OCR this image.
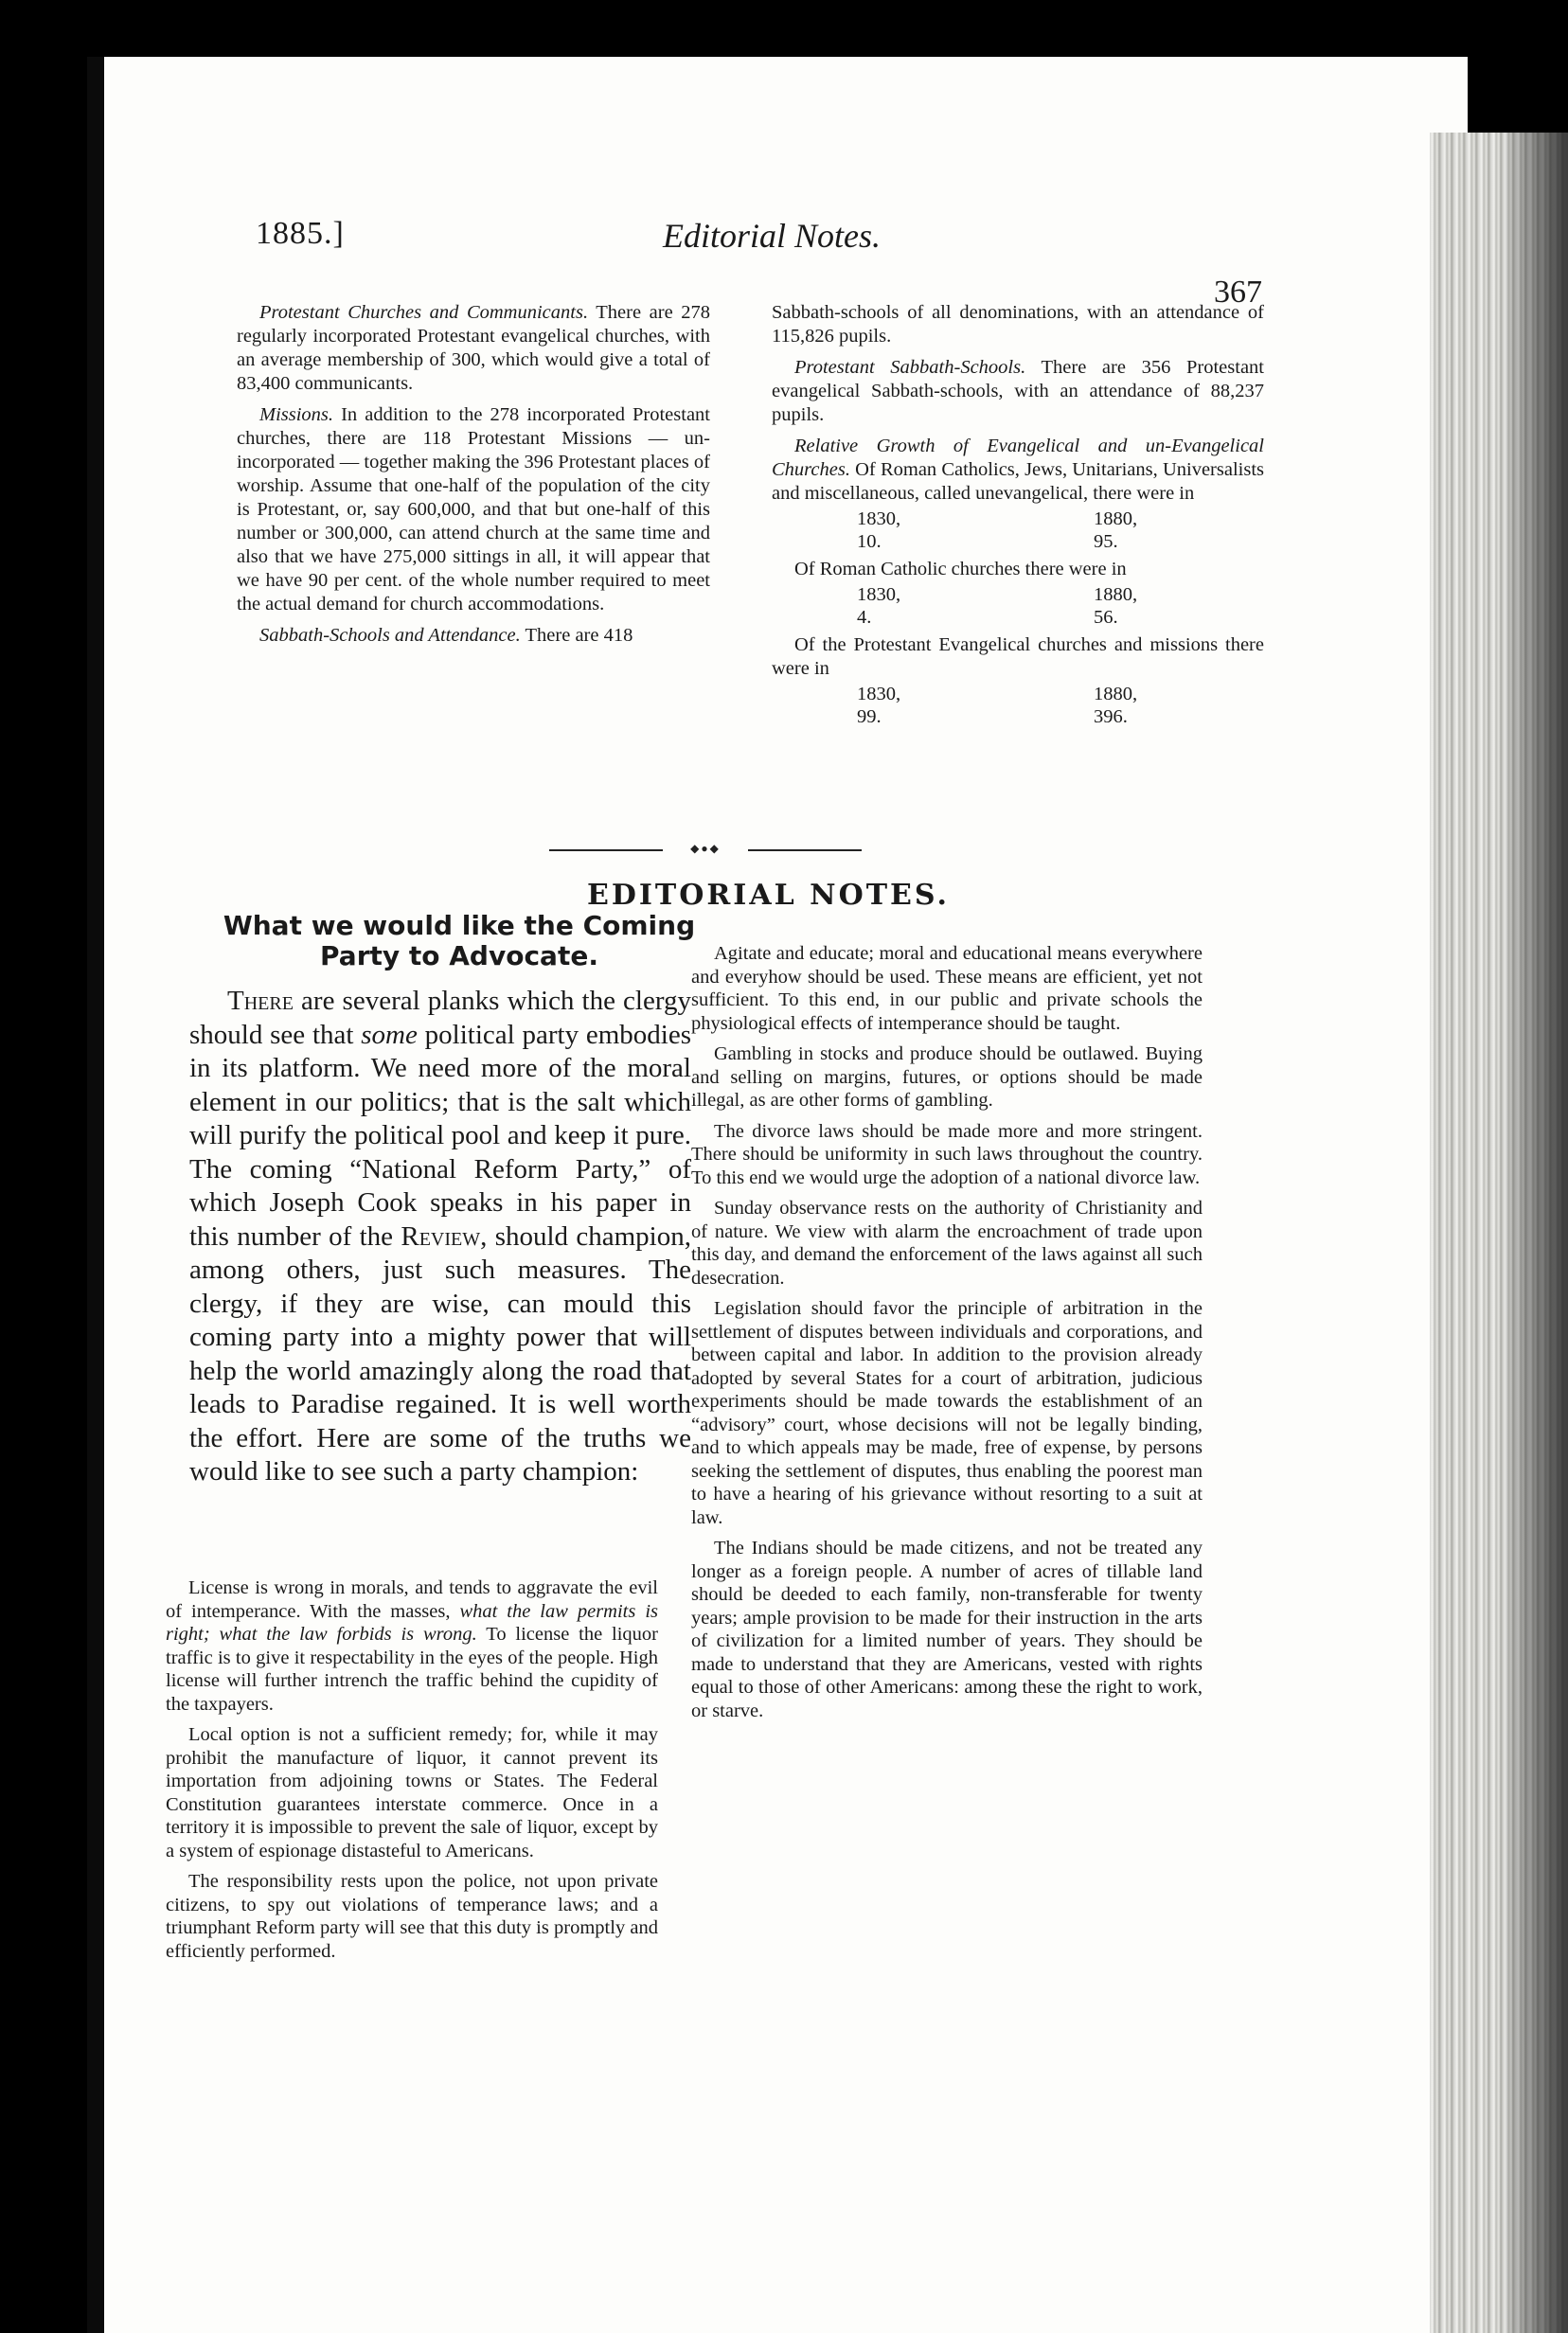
1885.]	Editorial Notes.
367

Protestant Churches and Communicants. There are 278 regularly incorporated Protestant evangelical churches, with an average membership of 300, which would give a total of 83,400 communicants.

Missions. In addition to the 278 incorporated Protestant churches, there are 118 Protestant Missions — un-incorporated — together making the 396 Protestant places of worship. Assume that one-half of the population of the city is Protestant, or, say 600,000, and that but one-half of this number or 300,000, can attend church at the same time and also that we have 275,000 sittings in all, it will appear that we have 90 per cent. of the whole number required to meet the actual demand for church accommodations.

Sabbath-Schools and Attendance. There are 418

Sabbath-schools of all denominations, with an attendance of 115,826 pupils.

Protestant Sabbath-Schools. There are 356 Protestant evangelical Sabbath-schools, with an attendance of 88,237 pupils.

Relative Growth of Evangelical and un-Evangelical Churches. Of Roman Catholics, Jews, Unitarians, Universalists and miscellaneous, called unevangelical, there were in

1830,	1880,
10.	95.

Of Roman Catholic churches there were in

1830,	1880,
4.	56.

Of the Protestant Evangelical churches and missions there were in

1830,	1880,
99.	396.
◆●◆
EDITORIAL NOTES.
What we would like the Coming Party to Advocate.

There are several planks which the clergy should see that some political party embodies in its platform. We need more of the moral element in our politics; that is the salt which will purify the political pool and keep it pure. The coming “National Reform Party,” of which Joseph Cook speaks in his paper in this number of the Review, should champion, among others, just such measures. The clergy, if they are wise, can mould this coming party into a mighty power that will help the world amazingly along the road that leads to Paradise regained. It is well worth the effort. Here are some of the truths we would like to see such a party champion:

License is wrong in morals, and tends to aggravate the evil of intemperance. With the masses, what the law permits is right; what the law forbids is wrong. To license the liquor traffic is to give it respectability in the eyes of the people. High license will further intrench the traffic behind the cupidity of the taxpayers.

Local option is not a sufficient remedy; for, while it may prohibit the manufacture of liquor, it cannot prevent its importation from adjoining towns or States. The Federal Constitution guarantees interstate commerce. Once in a territory it is impossible to prevent the sale of liquor, except by a system of espionage distasteful to Americans.

The responsibility rests upon the police, not upon private citizens, to spy out violations of temperance laws; and a triumphant Reform party will see that this duty is promptly and efficiently performed.

Agitate and educate; moral and educational means everywhere and everyhow should be used. These means are efficient, yet not sufficient. To this end, in our public and private schools the physiological effects of intemperance should be taught.

Gambling in stocks and produce should be outlawed. Buying and selling on margins, futures, or options should be made illegal, as are other forms of gambling.

The divorce laws should be made more and more stringent. There should be uniformity in such laws throughout the country. To this end we would urge the adoption of a national divorce law.

Sunday observance rests on the authority of Christianity and of nature. We view with alarm the encroachment of trade upon this day, and demand the enforcement of the laws against all such desecration.

Legislation should favor the principle of arbitration in the settlement of disputes between individuals and corporations, and between capital and labor. In addition to the provision already adopted by several States for a court of arbitration, judicious experiments should be made towards the establishment of an “advisory” court, whose decisions will not be legally binding, and to which appeals may be made, free of expense, by persons seeking the settlement of disputes, thus enabling the poorest man to have a hearing of his grievance without resorting to a suit at law.

The Indians should be made citizens, and not be treated any longer as a foreign people. A number of acres of tillable land should be deeded to each family, non-transferable for twenty years; ample provision to be made for their instruction in the arts of civilization for a limited number of years. They should be made to understand that they are Americans, vested with rights equal to those of other Americans: among these the right to work, or starve.
